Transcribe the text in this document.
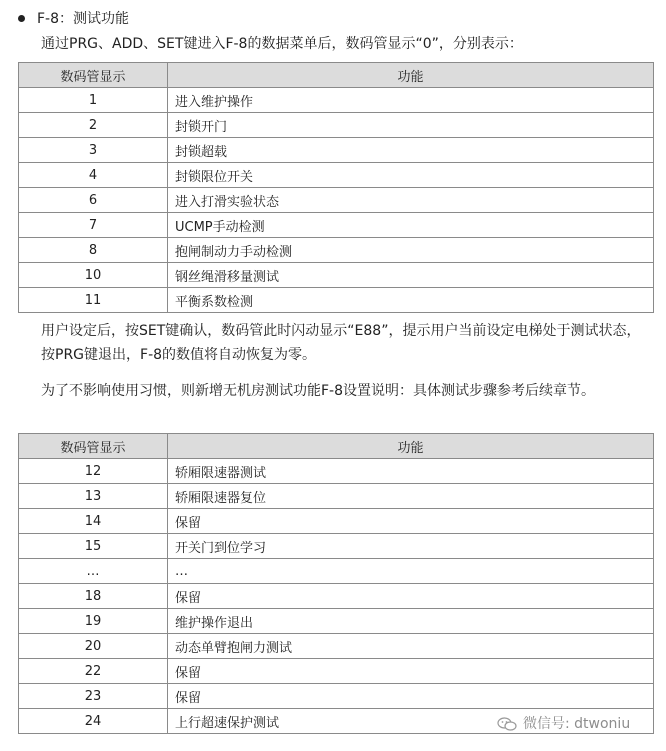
F-8：测试功能
通过PRG、ADD、SET键进入F-8的数据菜单后，数码管显示“0”，分别表示：
数码管显示	功能
1	进入维护操作
2	封锁开门
3	封锁超载
4	封锁限位开关
6	进入打滑实验状态
7	UCMP手动检测
8	抱闸制动力手动检测
10	钢丝绳滑移量测试
11	平衡系数检测
用户设定后，按SET键确认，数码管此时闪动显示“E88”，提示用户当前设定电梯处于测试状态，按PRG键退出，F-8的数值将自动恢复为零。
为了不影响使用习惯，则新增无机房测试功能F-8设置说明：具体测试步骤参考后续章节。
数码管显示	功能
12	轿厢限速器测试
13	轿厢限速器复位
14	保留
15	开关门到位学习
…	…
18	保留
19	维护操作退出
20	动态单臂抱闸力测试
22	保留
23	保留
24	上行超速保护测试	微信号: dtwoniu
